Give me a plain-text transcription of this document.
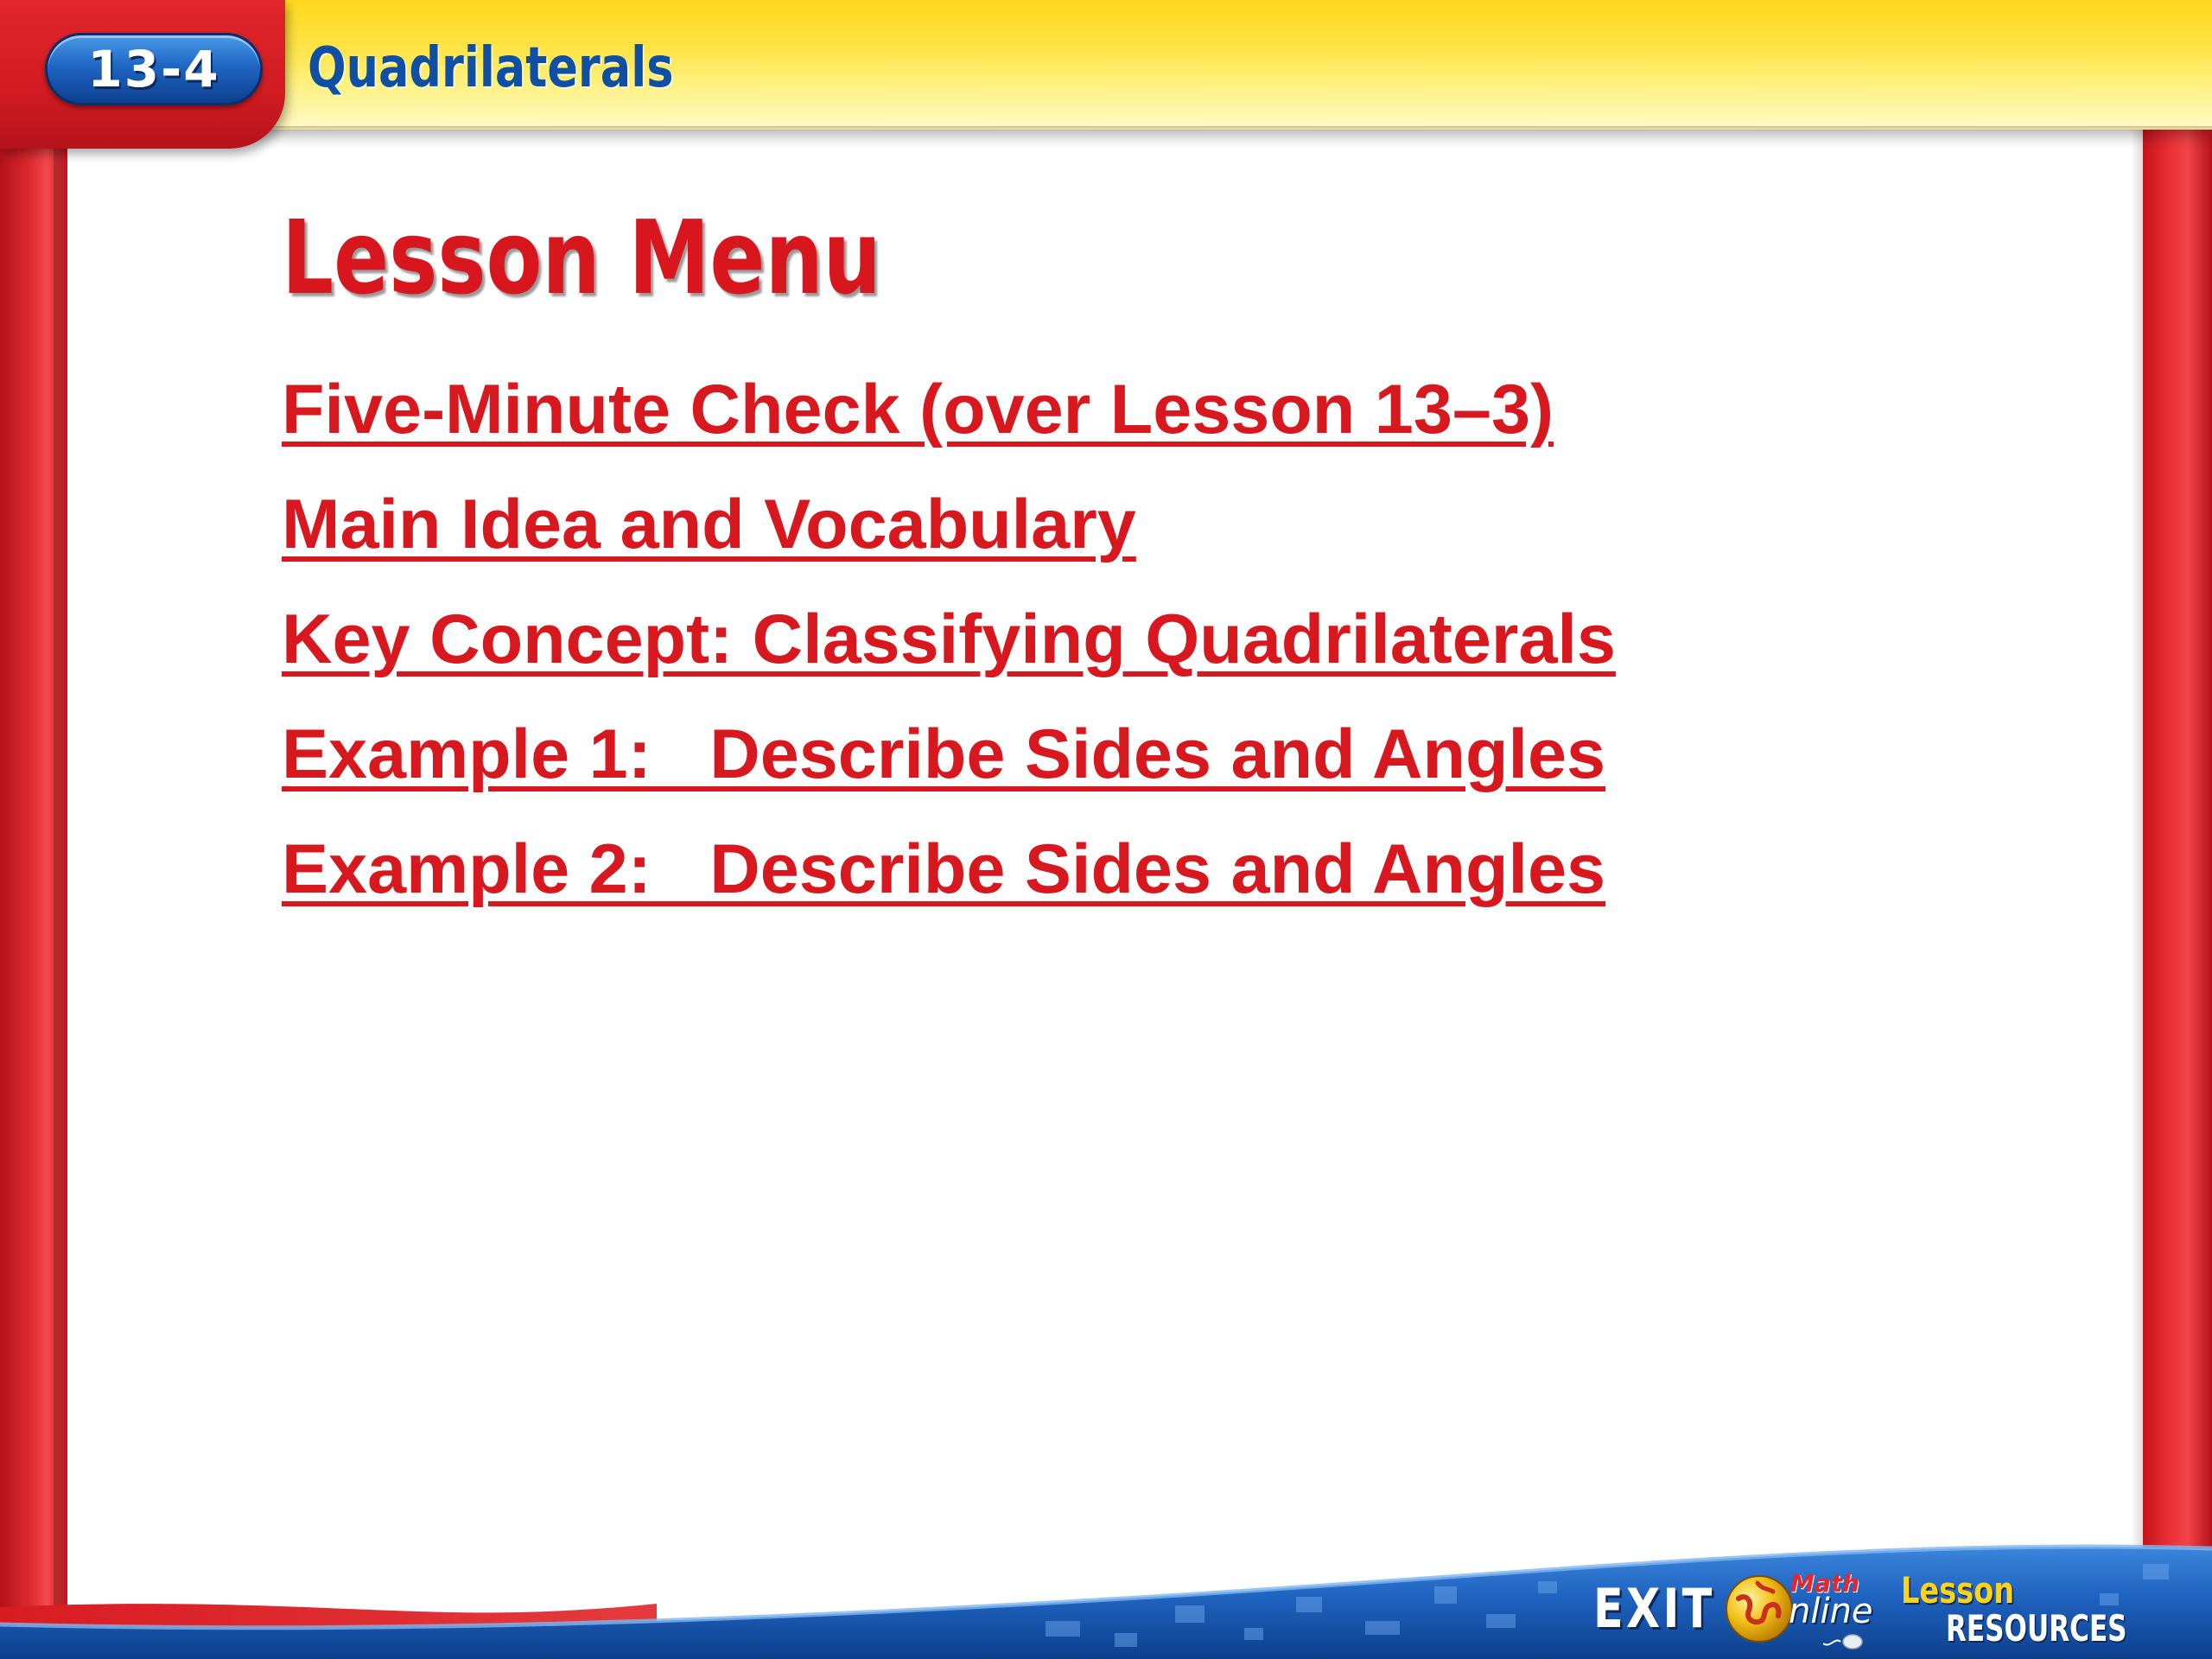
13-4	Quadrilaterals
Lesson Menu
Five-Minute Check (over Lesson 13–3)
Main Idea and Vocabulary
Key Concept: Classifying Quadrilaterals
Example 1:   Describe Sides and Angles
Example 2:   Describe Sides and Angles
EXIT	Math
nline Lesson
RESOURCES
